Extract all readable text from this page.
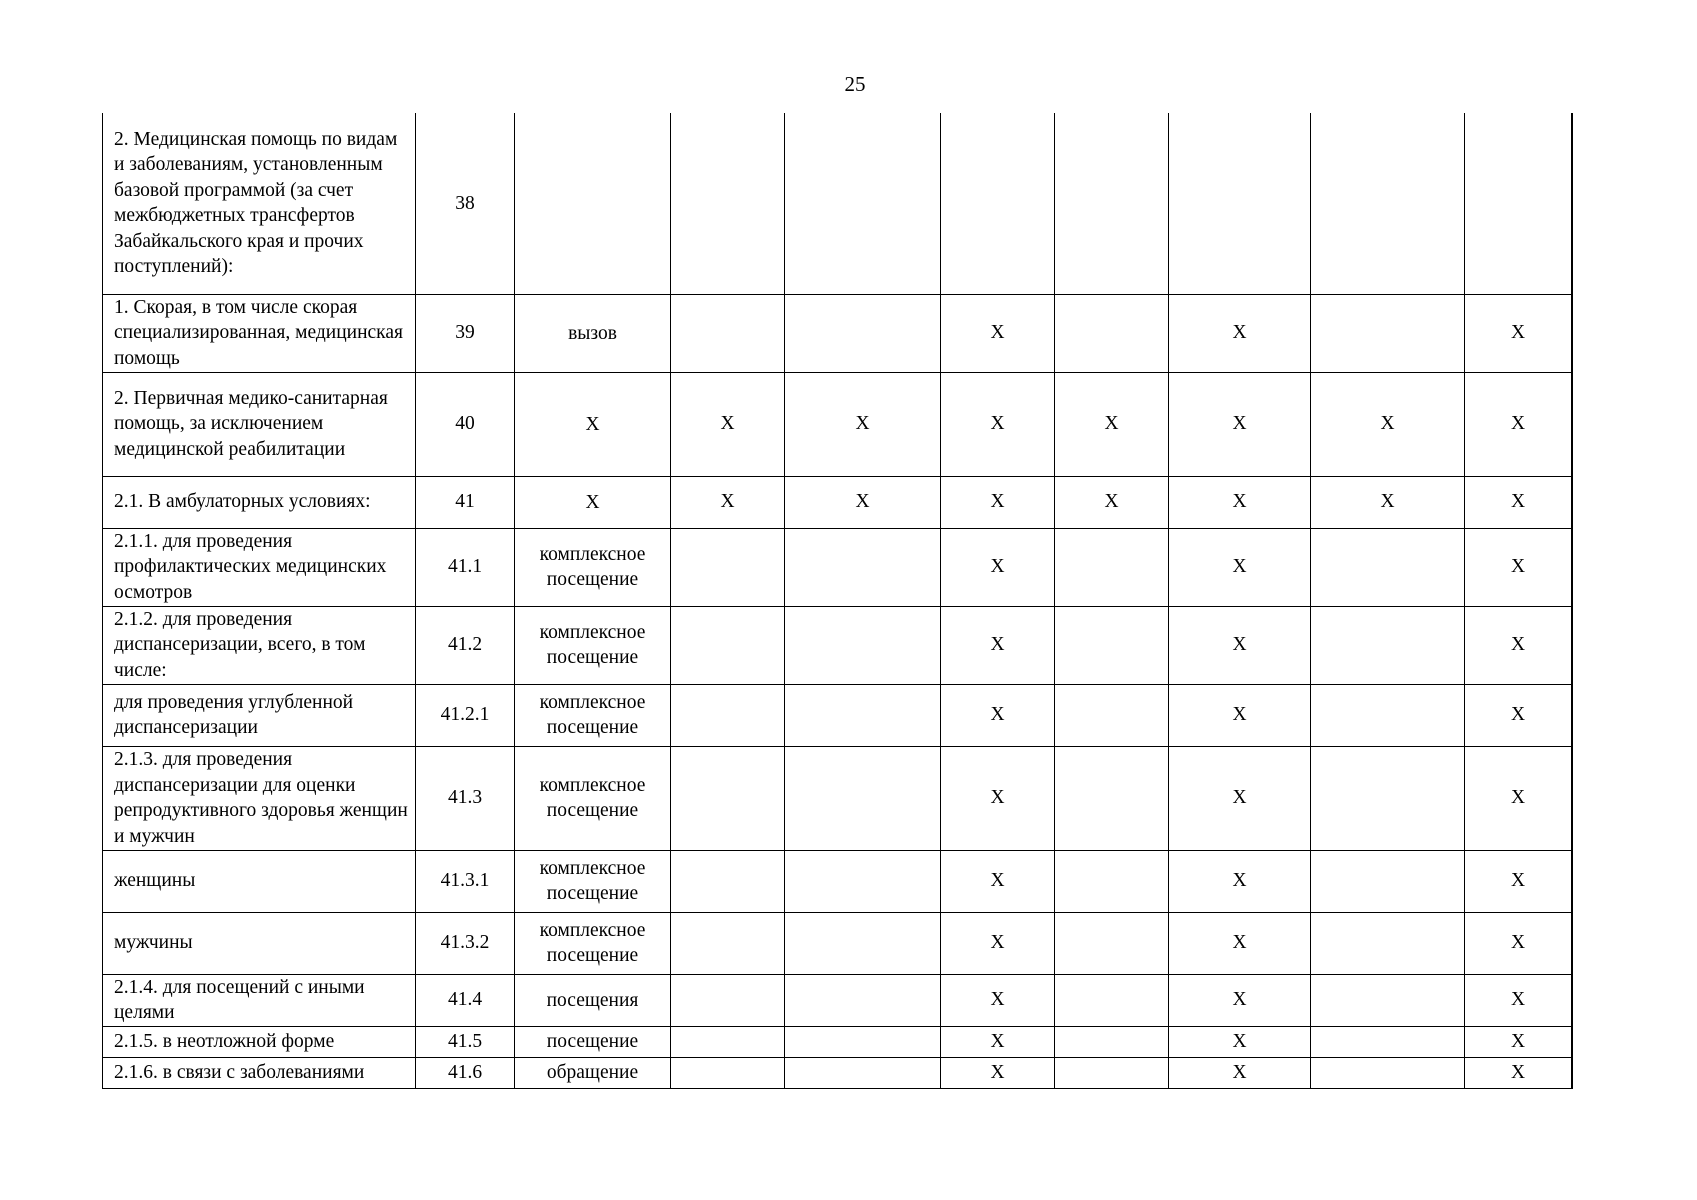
25
2. Медицинская помощь по видам и заболеваниям, установленным базовой программой (за счет межбюджетных трансфертов Забайкальского края и прочих поступлений):	38									
1. Скорая, в том числе скорая специализированная, медицинская помощь	39	вызов			X		X		X	
2. Первичная медико-санитарная помощь, за исключением медицинской реабилитации	40	X	X	X	X	X	X	X	X	
2.1. В амбулаторных условиях:	41	X	X	X	X	X	X	X	X	
2.1.1. для проведения профилактических медицинских осмотров	41.1	комплексное посещение			X		X		X	
2.1.2. для проведения диспансеризации, всего, в том числе:	41.2	комплексное посещение			X		X		X	
для проведения углубленной диспансеризации	41.2.1	комплексное посещение			X		X		X	
2.1.3. для проведения диспансеризации для оценки репродуктивного здоровья женщин и мужчин	41.3	комплексное посещение			X		X		X	
женщины	41.3.1	комплексное посещение			X		X		X	
мужчины	41.3.2	комплексное посещение			X		X		X	
2.1.4. для посещений с иными целями	41.4	посещения			X		X		X	
2.1.5. в неотложной форме	41.5	посещение			X		X		X	
2.1.6. в связи с заболеваниями	41.6	обращение			X		X		X	
